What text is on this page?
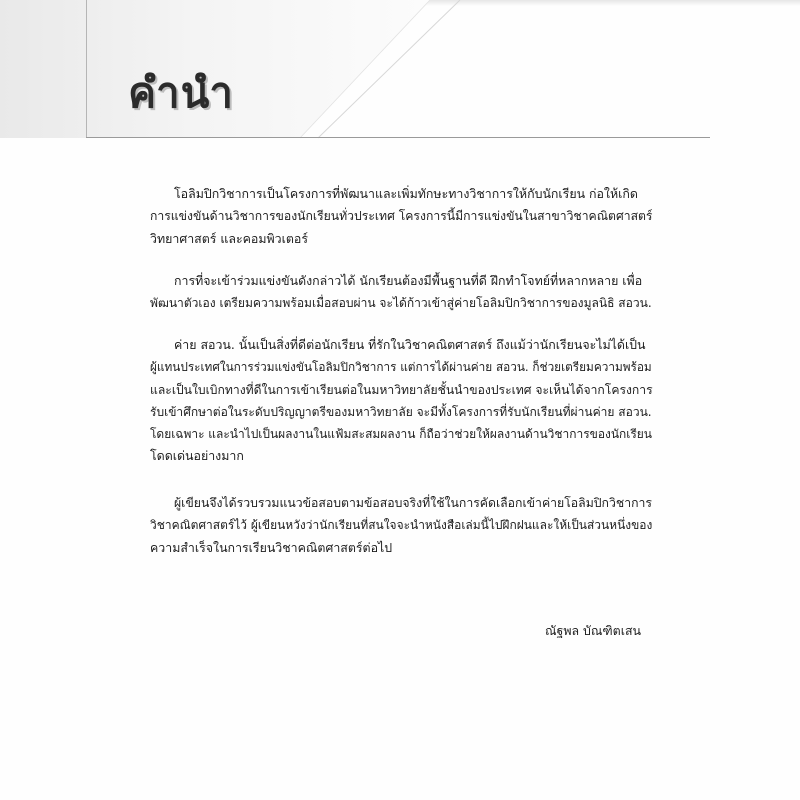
คำนำ
โอลิมปิกวิชาการเป็นโครงการที่พัฒนาและเพิ่มทักษะทางวิชาการให้กับนักเรียน ก่อให้เกิด
การแข่งขันด้านวิชาการของนักเรียนทั่วประเทศ โครงการนี้มีการแข่งขันในสาขาวิชาคณิตศาสตร์
วิทยาศาสตร์ และคอมพิวเตอร์
การที่จะเข้าร่วมแข่งขันดังกล่าวได้ นักเรียนต้องมีพื้นฐานที่ดี ฝึกทำโจทย์ที่หลากหลาย เพื่อ
พัฒนาตัวเอง เตรียมความพร้อมเมื่อสอบผ่าน จะได้ก้าวเข้าสู่ค่ายโอลิมปิกวิชาการของมูลนิธิ สอวน.
ค่าย สอวน. นั้นเป็นสิ่งที่ดีต่อนักเรียน ที่รักในวิชาคณิตศาสตร์ ถึงแม้ว่านักเรียนจะไม่ได้เป็น
ผู้แทนประเทศในการร่วมแข่งขันโอลิมปิกวิชาการ แต่การได้ผ่านค่าย สอวน. ก็ช่วยเตรียมความพร้อม
และเป็นใบเบิกทางที่ดีในการเข้าเรียนต่อในมหาวิทยาลัยชั้นนำของประเทศ จะเห็นได้จากโครงการ
รับเข้าศึกษาต่อในระดับปริญญาตรีของมหาวิทยาลัย จะมีทั้งโครงการที่รับนักเรียนที่ผ่านค่าย สอวน.
โดยเฉพาะ และนำไปเป็นผลงานในแฟ้มสะสมผลงาน ก็ถือว่าช่วยให้ผลงานด้านวิชาการของนักเรียน
โดดเด่นอย่างมาก
ผู้เขียนจึงได้รวบรวมแนวข้อสอบตามข้อสอบจริงที่ใช้ในการคัดเลือกเข้าค่ายโอลิมปิกวิชาการ
วิชาคณิตศาสตร์ไว้ ผู้เขียนหวังว่านักเรียนที่สนใจจะนำหนังสือเล่มนี้ไปฝึกฝนและให้เป็นส่วนหนึ่งของ
ความสำเร็จในการเรียนวิชาคณิตศาสตร์ต่อไป
ณัฐพล บัณฑิตเสน
